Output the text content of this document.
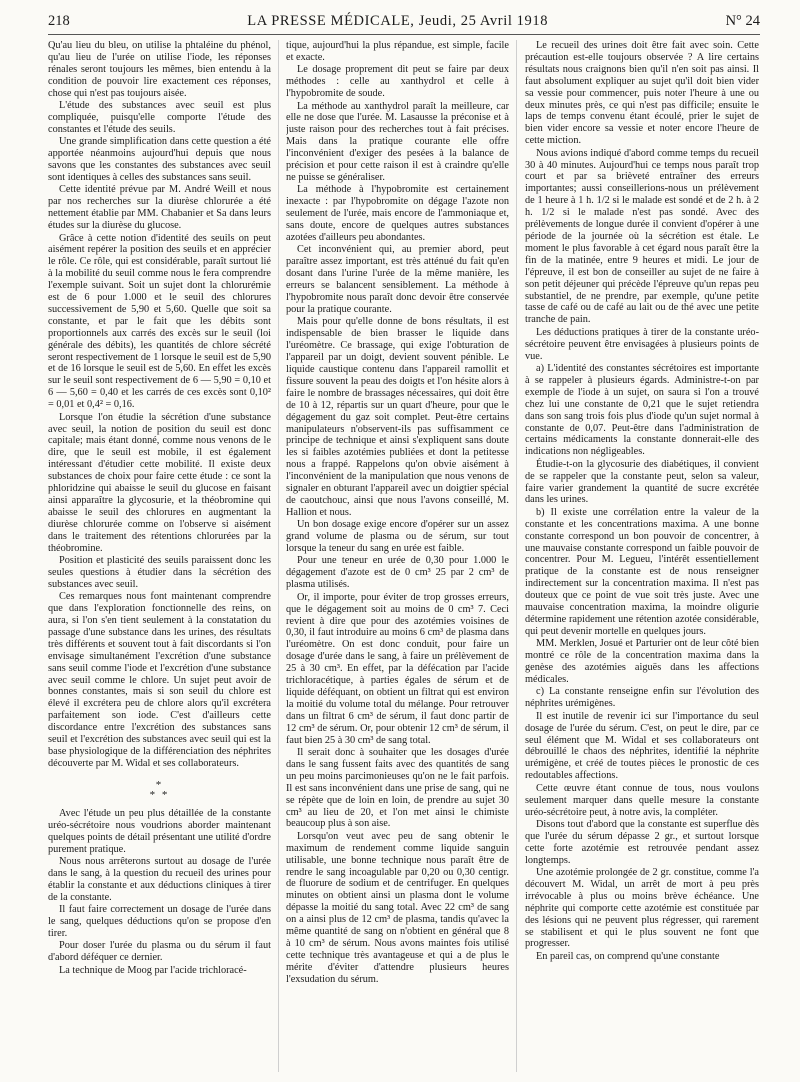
218	LA PRESSE MÉDICALE, Jeudi, 25 Avril 1918	N° 24

Qu'au lieu du bleu, on utilise la phtaléine du phénol, qu'au lieu de l'urée on utilise l'iode, les réponses rénales seront toujours les mêmes, bien entendu à la condition de pouvoir lire exactement ces réponses, chose qui n'est pas toujours aisée.

L'étude des substances avec seuil est plus compliquée, puisqu'elle comporte l'étude des constantes et l'étude des seuils.

Une grande simplification dans cette question a été apportée néanmoins aujourd'hui depuis que nous savons que les constantes des substances avec seuil sont identiques à celles des substances sans seuil.

Cette identité prévue par M. André Weill et nous par nos recherches sur la diurèse chlorurée a été nettement établie par MM. Chabanier et Sa dans leurs études sur la diurèse du glucose.

Grâce à cette notion d'identité des seuils on peut aisément repérer la position des seuils et en apprécier le rôle. Ce rôle, qui est considérable, paraît surtout lié à la mobilité du seuil comme nous le fera comprendre l'exemple suivant. Soit un sujet dont la chlorurémie est de 6 pour 1.000 et le seuil des chlorures successivement de 5,90 et 5,60. Quelle que soit sa constante, et par le fait que les débits sont proportionnels aux carrés des excès sur le seuil (loi générale des débits), les quantités de chlore sécrété seront respectivement de 1 lorsque le seuil est de 5,90 et de 16 lorsque le seuil est de 5,60. En effet les excès sur le seuil sont respectivement de 6 — 5,90 = 0,10 et 6 — 5,60 = 0,40 et les carrés de ces excès sont 0,10² = 0,01 et 0,4² = 0,16.

Lorsque l'on étudie la sécrétion d'une substance avec seuil, la notion de position du seuil est donc capitale; mais étant donné, comme nous venons de le dire, que le seuil est mobile, il est également intéressant d'étudier cette mobilité. Il existe deux substances de choix pour faire cette étude : ce sont la phloridzine qui abaisse le seuil du glucose en faisant ainsi apparaître la glycosurie, et la théobromine qui abaisse le seuil des chlorures en augmentant la diurèse chlorurée comme on l'observe si aisément dans le traitement des rétentions chlorurées par la théobromine.

Position et plasticité des seuils paraissent donc les seules questions à étudier dans la sécrétion des substances avec seuil.

Ces remarques nous font maintenant comprendre que dans l'exploration fonctionnelle des reins, on aura, si l'on s'en tient seulement à la constatation du passage d'une substance dans les urines, des résultats très différents et souvent tout à fait discordants si l'on envisage simultanément l'excrétion d'une substance sans seuil comme l'iode et l'excrétion d'une substance avec seuil comme le chlore. Un sujet peut avoir de bonnes constantes, mais si son seuil du chlore est élevé il excrétera peu de chlore alors qu'il excrétera parfaitement son iode. C'est d'ailleurs cette discordance entre l'excrétion des substances sans seuil et l'excrétion des substances avec seuil qui est la base physiologique de la différenciation des néphrites découverte par M. Widal et ses collaborateurs.

*
* *

Avec l'étude un peu plus détaillée de la constante uréo-sécrétoire nous voudrions aborder maintenant quelques points de détail présentant une utilité d'ordre purement pratique.

Nous nous arrêterons surtout au dosage de l'urée dans le sang, à la question du recueil des urines pour établir la constante et aux déductions cliniques à tirer de la constante.

Il faut faire correctement un dosage de l'urée dans le sang, quelques déductions qu'on se propose d'en tirer.

Pour doser l'urée du plasma ou du sérum il faut d'abord déféquer ce dernier.

La technique de Moog par l'acide trichloracé-

tique, aujourd'hui la plus répandue, est simple, facile et exacte.

Le dosage proprement dit peut se faire par deux méthodes : celle au xanthydrol et celle à l'hypobromite de soude.

La méthode au xanthydrol paraît la meilleure, car elle ne dose que l'urée. M. Lasausse la préconise et à juste raison pour des recherches tout à fait précises. Mais dans la pratique courante elle offre l'inconvénient d'exiger des pesées à la balance de précision et pour cette raison il est à craindre qu'elle ne puisse se généraliser.

La méthode à l'hypobromite est certainement inexacte : par l'hypobromite on dégage l'azote non seulement de l'urée, mais encore de l'ammoniaque et, sans doute, encore de quelques autres substances azotées d'ailleurs peu abondantes.

Cet inconvénient qui, au premier abord, peut paraître assez important, est très atténué du fait qu'en dosant dans l'urine l'urée de la même manière, les erreurs se balancent sensiblement. La méthode à l'hypobromite nous paraît donc devoir être conservée pour la pratique courante.

Mais pour qu'elle donne de bons résultats, il est indispensable de bien brasser le liquide dans l'uréomètre. Ce brassage, qui exige l'obturation de l'appareil par un doigt, devient souvent pénible. Le liquide caustique contenu dans l'appareil ramollit et fissure souvent la peau des doigts et l'on hésite alors à faire le nombre de brassages nécessaires, qui doit être de 10 à 12, répartis sur un quart d'heure, pour que le dégagement du gaz soit complet. Peut-être certains manipulateurs n'observent-ils pas suffisamment ce principe de technique et ainsi s'expliquent sans doute les si faibles azotémies publiées et dont la petitesse nous a frappé. Rappelons qu'on obvie aisément à l'inconvénient de la manipulation que nous venons de signaler en obturant l'appareil avec un doigtier spécial de caoutchouc, ainsi que nous l'avons conseillé, M. Hallion et nous.

Un bon dosage exige encore d'opérer sur un assez grand volume de plasma ou de sérum, sur tout lorsque la teneur du sang en urée est faible.

Pour une teneur en urée de 0,30 pour 1.000 le dégagement d'azote est de 0 cm³ 25 par 2 cm³ de plasma utilisés.

Or, il importe, pour éviter de trop grosses erreurs, que le dégagement soit au moins de 0 cm³ 7. Ceci revient à dire que pour des azotémies voisines de 0,30, il faut introduire au moins 6 cm³ de plasma dans l'uréomètre. On est donc conduit, pour faire un dosage d'urée dans le sang, à faire un prélèvement de 25 à 30 cm³. En effet, par la défécation par l'acide trichloracétique, à parties égales de sérum et de liquide déféquant, on obtient un filtrat qui est environ la moitié du volume total du mélange. Pour retrouver dans un filtrat 6 cm³ de sérum, il faut donc partir de 12 cm³ de sérum. Or, pour obtenir 12 cm³ de sérum, il faut bien 25 à 30 cm³ de sang total.

Il serait donc à souhaiter que les dosages d'urée dans le sang fussent faits avec des quantités de sang un peu moins parcimonieuses qu'on ne le fait parfois. Il est sans inconvénient dans une prise de sang, qui ne se répète que de loin en loin, de prendre au sujet 30 cm³ au lieu de 20, et l'on met ainsi le chimiste beaucoup plus à son aise.

Lorsqu'on veut avec peu de sang obtenir le maximum de rendement comme liquide sanguin utilisable, une bonne technique nous paraît être de rendre le sang incoagulable par 0,20 ou 0,30 centigr. de fluorure de sodium et de centrifuger. En quelques minutes on obtient ainsi un plasma dont le volume dépasse la moitié du sang total. Avec 22 cm³ de sang on a ainsi plus de 12 cm³ de plasma, tandis qu'avec la même quantité de sang on n'obtient en général que 8 à 10 cm³ de sérum. Nous avons maintes fois utilisé cette technique très avantageuse et qui a de plus le mérite d'éviter d'attendre plusieurs heures l'exsudation du sérum.

Le recueil des urines doit être fait avec soin. Cette précaution est-elle toujours observée ? A lire certains résultats nous craignons bien qu'il n'en soit pas ainsi. Il faut absolument expliquer au sujet qu'il doit bien vider sa vessie pour commencer, puis noter l'heure à une ou deux minutes près, ce qui n'est pas difficile; ensuite le laps de temps convenu étant écoulé, prier le sujet de bien vider encore sa vessie et noter encore l'heure de cette miction.

Nous avions indiqué d'abord comme temps du recueil 30 à 40 minutes. Aujourd'hui ce temps nous paraît trop court et par sa brièveté entraîner des erreurs importantes; aussi conseillerions-nous un prélèvement de 1 heure à 1 h. 1/2 si le malade est sondé et de 2 h. à 2 h. 1/2 si le malade n'est pas sondé. Avec des prélèvements de longue durée il convient d'opérer à une période de la journée où la sécrétion est étale. Le moment le plus favorable à cet égard nous paraît être la fin de la matinée, entre 9 heures et midi. Le jour de l'épreuve, il est bon de conseiller au sujet de ne faire à son petit déjeuner qui précède l'épreuve qu'un repas peu substantiel, de ne prendre, par exemple, qu'une petite tasse de café ou de café au lait ou de thé avec une petite tranche de pain.

Les déductions pratiques à tirer de la constante uréo-sécrétoire peuvent être envisagées à plusieurs points de vue.

a) L'identité des constantes sécrétoires est importante à se rappeler à plusieurs égards. Administre-t-on par exemple de l'iode à un sujet, on saura si l'on a trouvé chez lui une constante de 0,21 que le sujet retiendra dans son sang trois fois plus d'iode qu'un sujet normal à constante de 0,07. Peut-être dans l'administration de certains médicaments la constante donnerait-elle des indications non négligeables.

Étudie-t-on la glycosurie des diabétiques, il convient de se rappeler que la constante peut, selon sa valeur, faire varier grandement la quantité de sucre excrétée dans les urines.

b) Il existe une corrélation entre la valeur de la constante et les concentrations maxima. A une bonne constante correspond un bon pouvoir de concentrer, à une mauvaise constante correspond un faible pouvoir de concentrer. Pour M. Legueu, l'intérêt essentiellement pratique de la constante est de nous renseigner indirectement sur la concentration maxima. Il n'est pas douteux que ce point de vue soit très juste. Avec une mauvaise concentration maxima, la moindre oligurie détermine rapidement une rétention azotée considérable, qui peut devenir mortelle en quelques jours.

MM. Merklen, Josué et Parturier ont de leur côté bien montré ce rôle de la concentration maxima dans la genèse des azotémies aiguës dans les affections médicales.

c) La constante renseigne enfin sur l'évolution des néphrites urémigènes.

Il est inutile de revenir ici sur l'importance du seul dosage de l'urée du sérum. C'est, on peut le dire, par ce seul élément que M. Widal et ses collaborateurs ont débrouillé le chaos des néphrites, identifié la néphrite urémigène, et créé de toutes pièces le pronostic de ces redoutables affections.

Cette œuvre étant connue de tous, nous voulons seulement marquer dans quelle mesure la constante uréo-sécrétoire peut, à notre avis, la compléter.

Disons tout d'abord que la constante est superflue dès que l'urée du sérum dépasse 2 gr., et surtout lorsque cette forte azotémie est retrouvée pendant assez longtemps.

Une azotémie prolongée de 2 gr. constitue, comme l'a découvert M. Widal, un arrêt de mort à peu près irrévocable à plus ou moins brève échéance. Une néphrite qui comporte cette azotémie est constituée par des lésions qui ne peuvent plus régresser, qui rarement se stabilisent et qui le plus souvent ne font que progresser.

En pareil cas, on comprend qu'une constante
